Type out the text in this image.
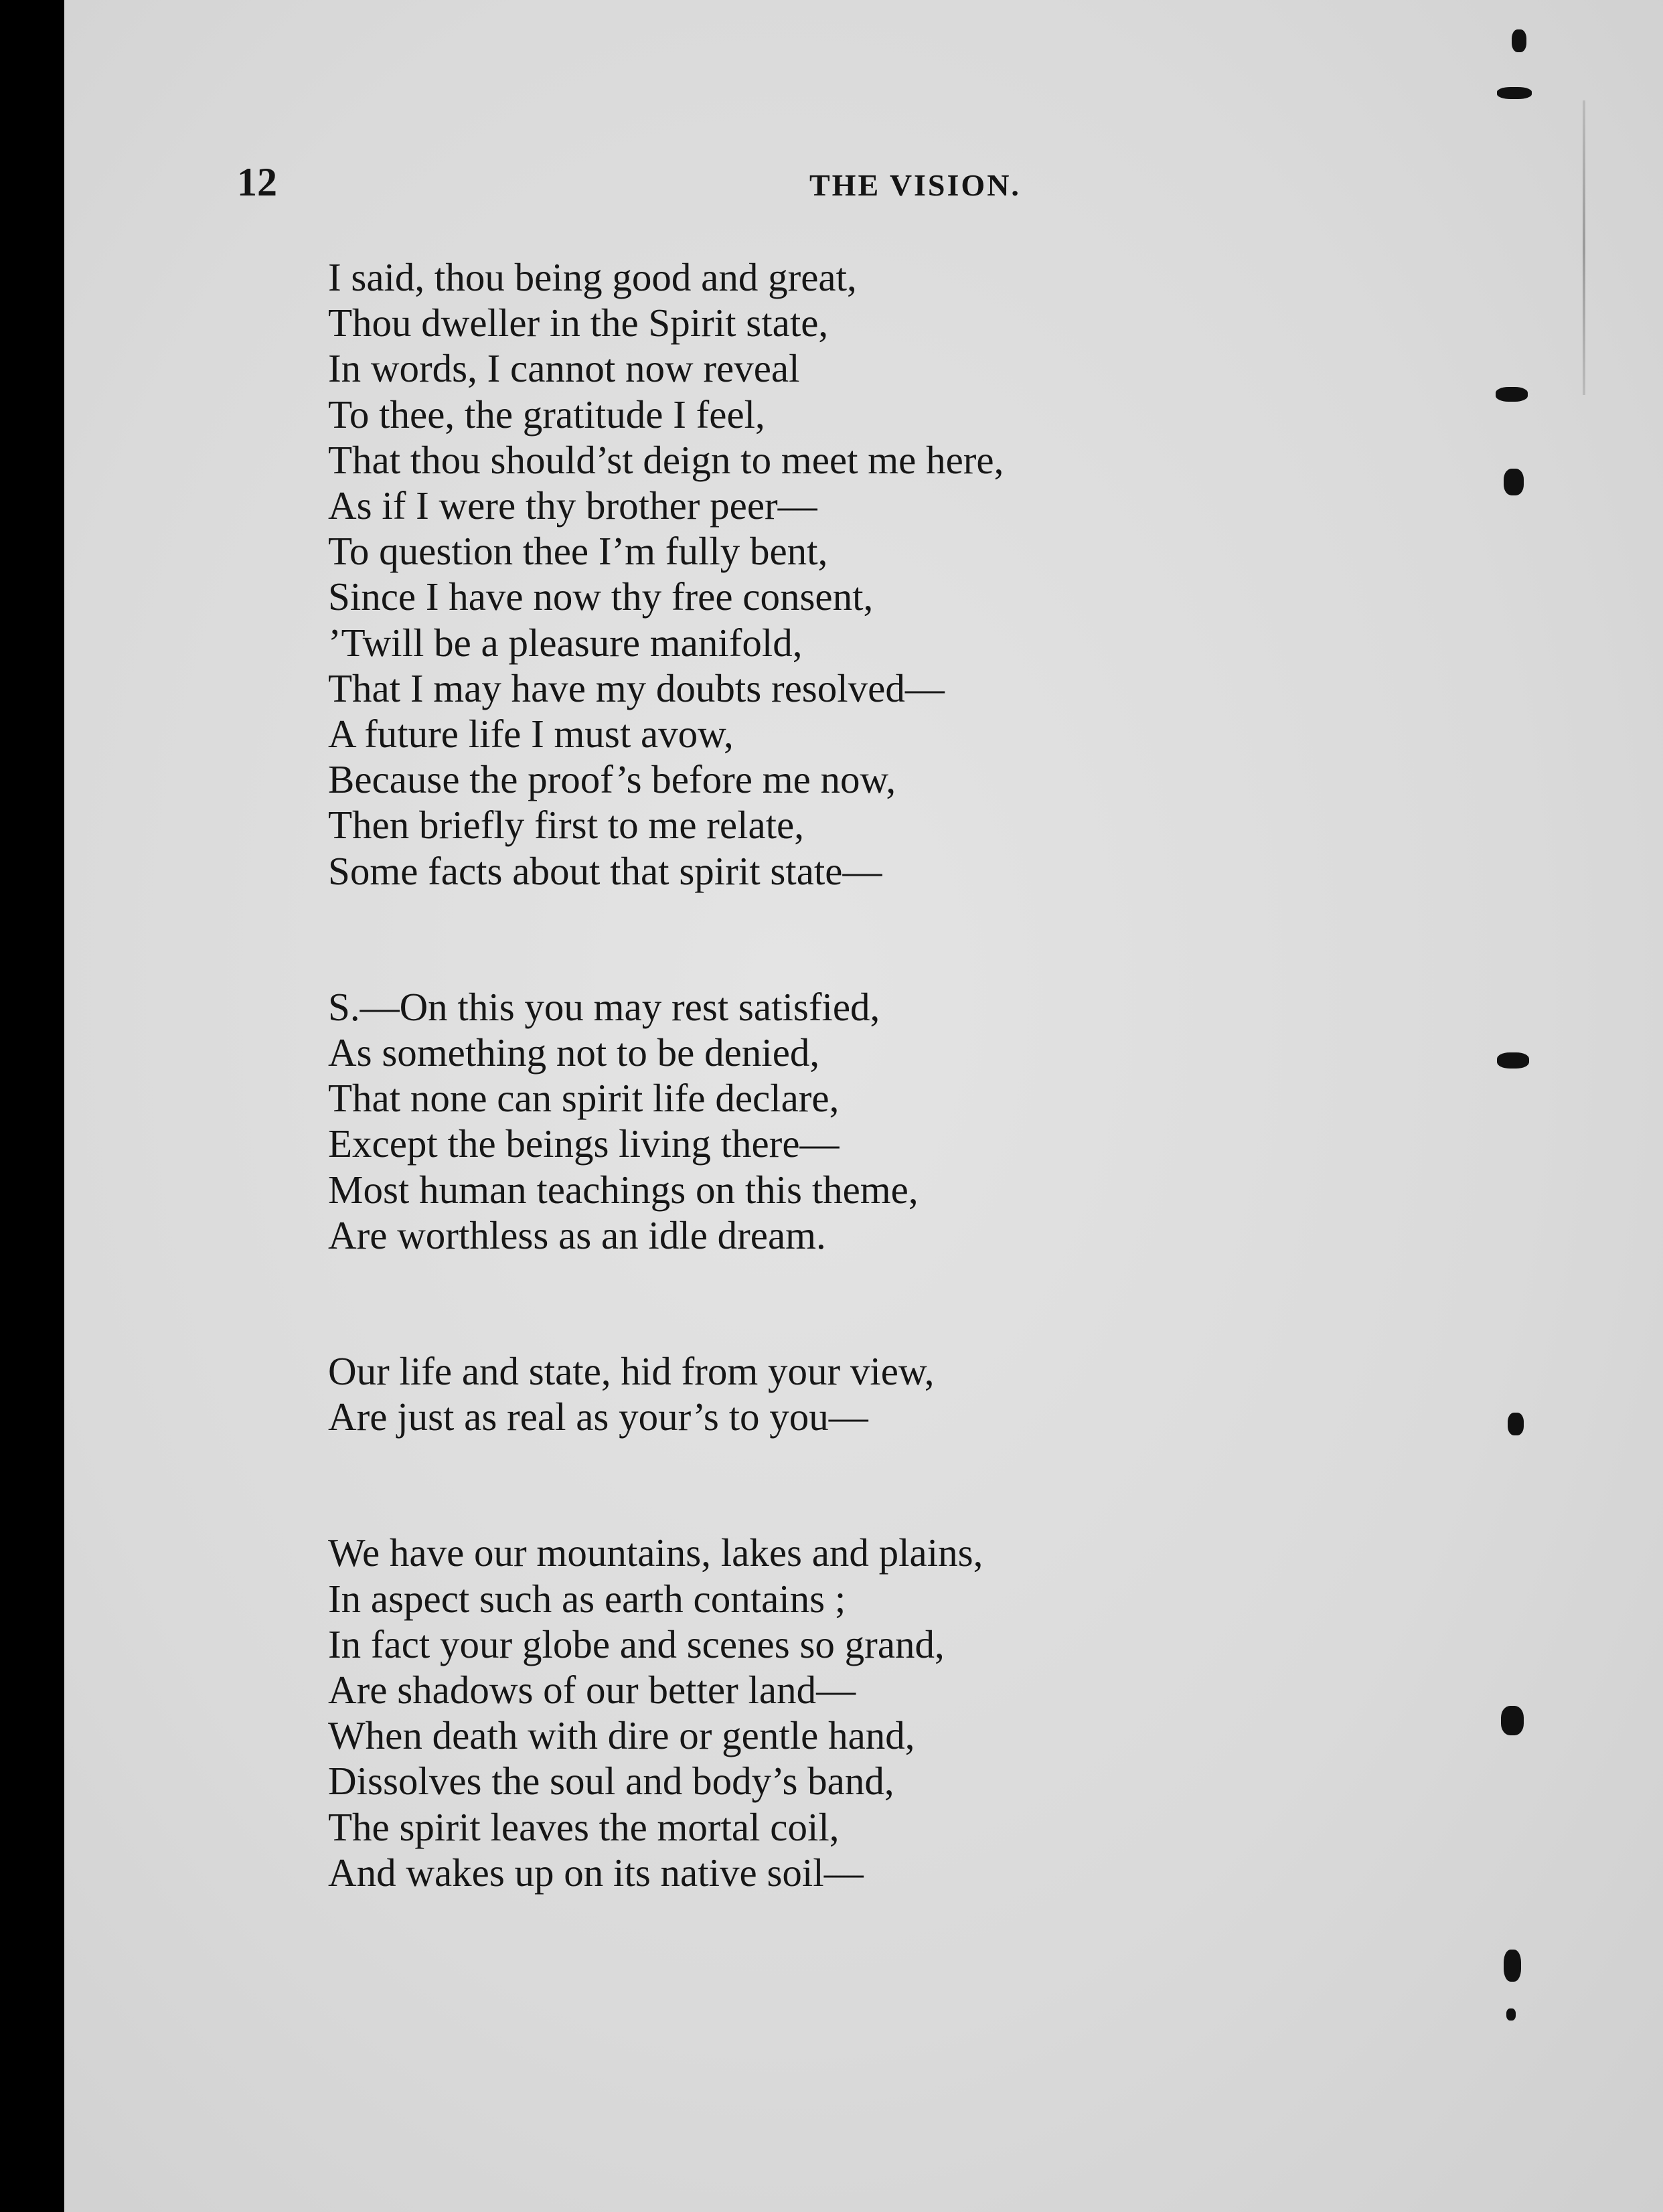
12	THE VISION.
I said, thou being good and great,
Thou dweller in the Spirit state,
In words, I cannot now reveal
To thee, the gratitude I feel,
That thou should’st deign to meet me here,
As if I were thy brother peer—
To question thee I’m fully bent,
Since I have now thy free consent,
’Twill be a pleasure manifold,
That I may have my doubts resolved—
A future life I must avow,
Because the proof’s before me now,
Then briefly first to me relate,
Some facts about that spirit state—
S.—On this you may rest satisfied,
As something not to be denied,
That none can spirit life declare,
Except the beings living there—
Most human teachings on this theme,
Are worthless as an idle dream.
Our life and state, hid from your view,
Are just as real as your’s to you—
We have our mountains, lakes and plains,
In aspect such as earth contains ;
In fact your globe and scenes so grand,
Are shadows of our better land—
When death with dire or gentle hand,
Dissolves the soul and body’s band,
The spirit leaves the mortal coil,
And wakes up on its native soil—
